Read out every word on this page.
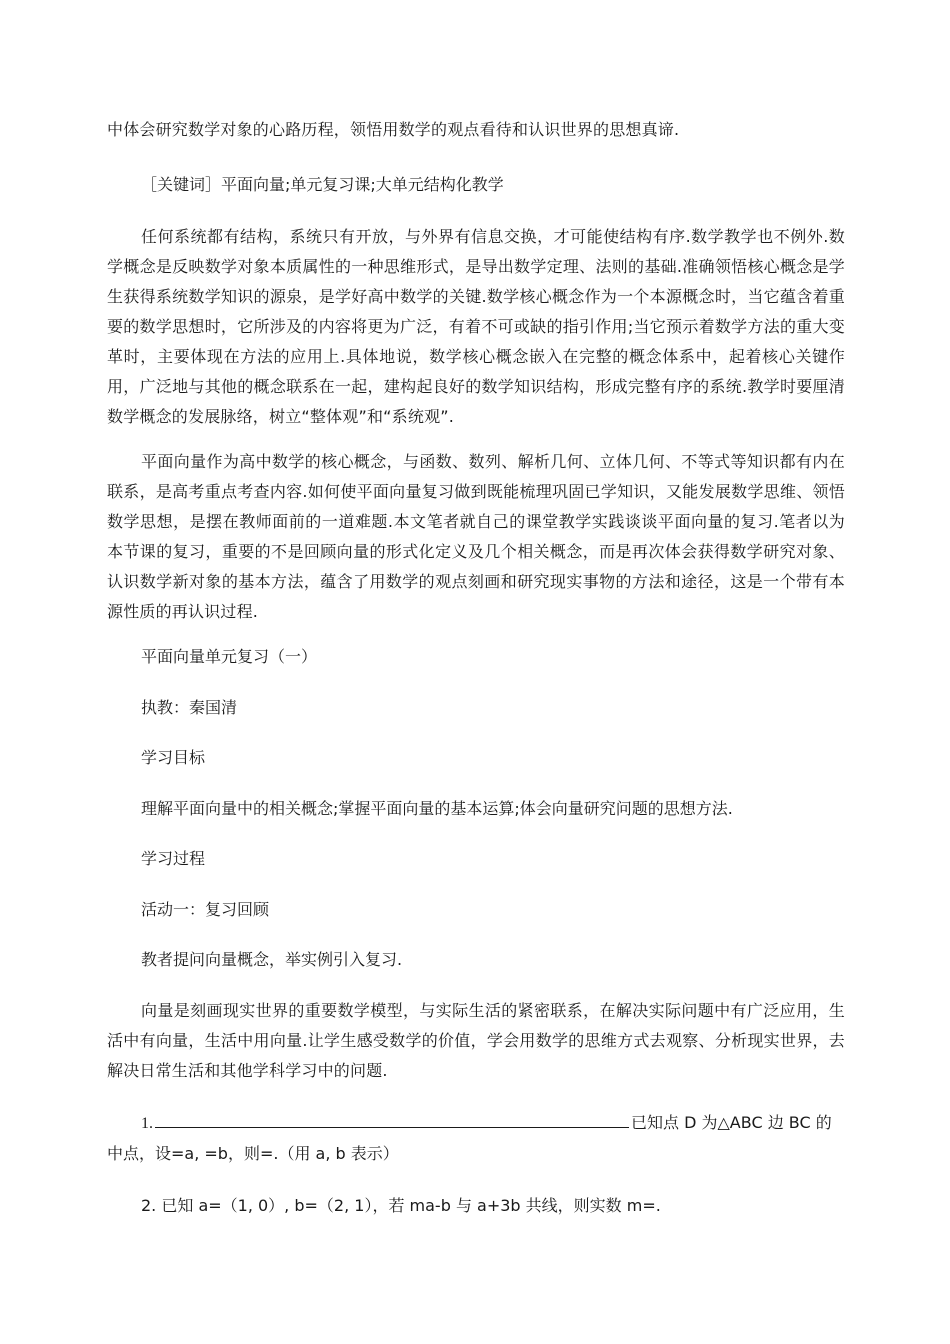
中体会研究数学对象的心路历程，领悟用数学的观点看待和认识世界的思想真谛.

［关键词］平面向量;单元复习课;大单元结构化教学

任何系统都有结构，系统只有开放，与外界有信息交换，才可能使结构有序.数学教学也不例外.数学概念是反映数学对象本质属性的一种思维形式，是导出数学定理、法则的基础.准确领悟核心概念是学生获得系统数学知识的源泉，是学好高中数学的关键.数学核心概念作为一个本源概念时，当它蕴含着重要的数学思想时，它所涉及的内容将更为广泛，有着不可或缺的指引作用;当它预示着数学方法的重大变革时，主要体现在方法的应用上.具体地说，数学核心概念嵌入在完整的概念体系中，起着核心关键作用，广泛地与其他的概念联系在一起，建构起良好的数学知识结构，形成完整有序的系统.教学时要厘清数学概念的发展脉络，树立“整体观”和“系统观”.

平面向量作为高中数学的核心概念，与函数、数列、解析几何、立体几何、不等式等知识都有内在联系，是高考重点考查内容.如何使平面向量复习做到既能梳理巩固已学知识，又能发展数学思维、领悟数学思想，是摆在教师面前的一道难题.本文笔者就自己的课堂教学实践谈谈平面向量的复习.笔者以为本节课的复习，重要的不是回顾向量的形式化定义及几个相关概念，而是再次体会获得数学研究对象、认识数学新对象的基本方法，蕴含了用数学的观点刻画和研究现实事物的方法和途径，这是一个带有本源性质的再认识过程.

平面向量单元复习（一）

执教：秦国清

学习目标

理解平面向量中的相关概念;掌握平面向量的基本运算;体会向量研究问题的思想方法.

学习过程

活动一：复习回顾

教者提问向量概念，举实例引入复习.

向量是刻画现实世界的重要数学模型，与实际生活的紧密联系，在解决实际问题中有广泛应用，生活中有向量，生活中用向量.让学生感受数学的价值，学会用数学的思维方式去观察、分析现实世界，去解决日常生活和其他学科学习中的问题.

1.	已知点 D 为△ABC 边 BC 的

中点，设=a, =b，则=.（用 a, b 表示）

2. 已知 a=（1, 0）, b=（2, 1），若 ma-b 与 a+3b 共线，则实数 m=.
